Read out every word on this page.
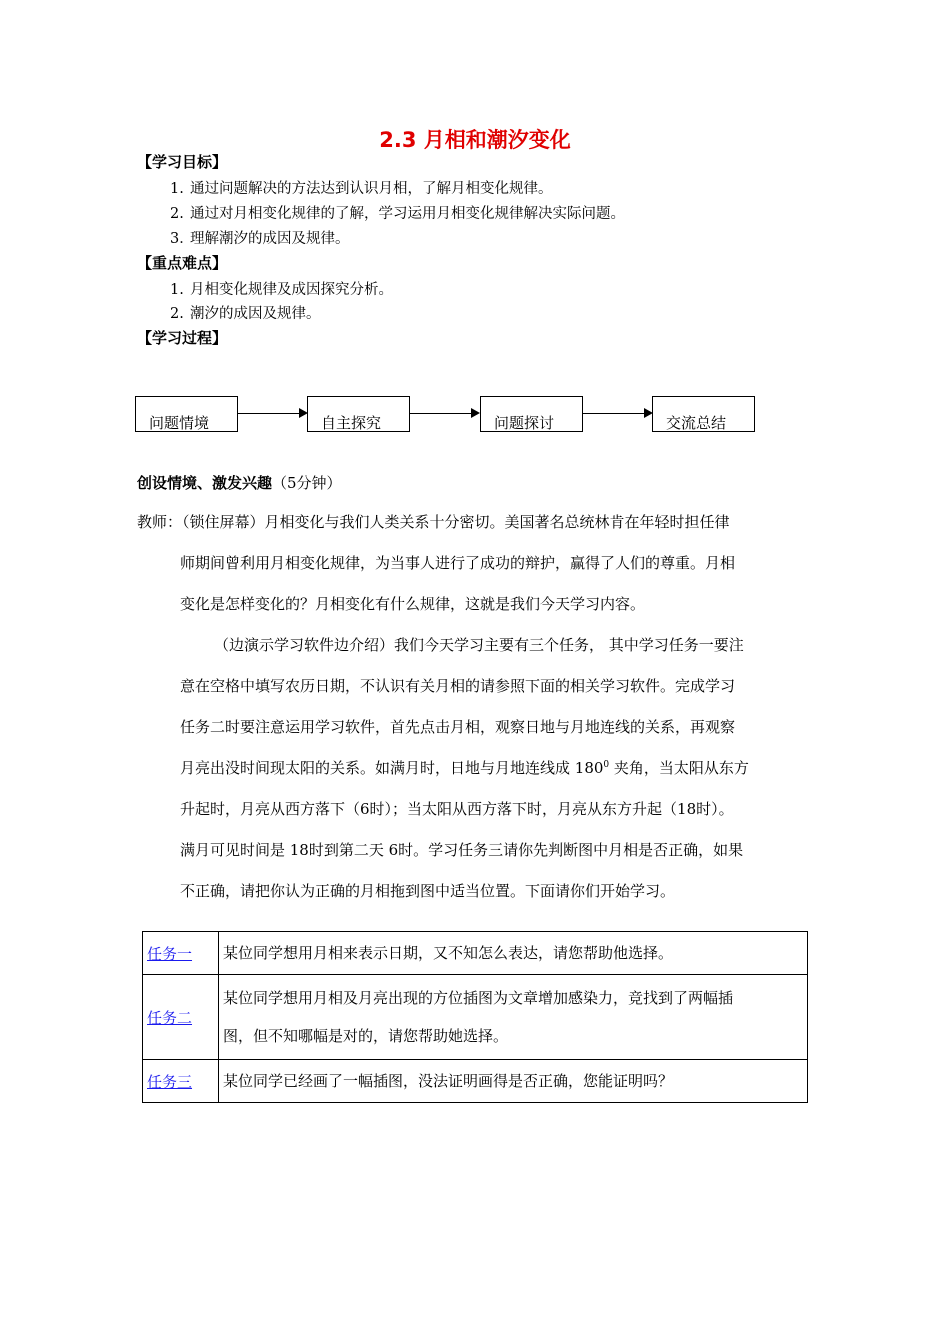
2.3 月相和潮汐变化
【学习目标】
1. 通过问题解决的方法达到认识月相，了解月相变化规律。
2. 通过对月相变化规律的了解，学习运用月相变化规律解决实际问题。
3．理解潮汐的成因及规律。
【重点难点】
1. 月相变化规律及成因探究分析。
2. 潮汐的成因及规律。
【学习过程】
问题情境	自主探究	问题探讨	交流总结
创设情境、激发兴趣（5分钟）
教师：（锁住屏幕）月相变化与我们人类关系十分密切。美国著名总统林肯在年轻时担任律
师期间曾利用月相变化规律，为当事人进行了成功的辩护，赢得了人们的尊重。月相
变化是怎样变化的？月相变化有什么规律，这就是我们今天学习内容。
（边演示学习软件边介绍）我们今天学习主要有三个任务， 其中学习任务一要注
意在空格中填写农历日期，不认识有关月相的请参照下面的相关学习软件。完成学习
任务二时要注意运用学习软件，首先点击月相，观察日地与月地连线的关系，再观察
月亮出没时间现太阳的关系。如满月时，日地与月地连线成 $180^0$ 夹角，当太阳从东方
升起时，月亮从西方落下（6时）；当太阳从西方落下时，月亮从东方升起（18时）。
满月可见时间是 18时到第二天 6时。学习任务三请你先判断图中月相是否正确，如果
不正确，请把你认为正确的月相拖到图中适当位置。下面请你们开始学习。
任务一	某位同学想用月相来表示日期，又不知怎么表达，请您帮助他选择。
任务二	某位同学想用月相及月亮出现的方位插图为文章增加感染力，竞找到了两幅插
图，但不知哪幅是对的，请您帮助她选择。

任务三	某位同学已经画了一幅插图，没法证明画得是否正确，您能证明吗？
